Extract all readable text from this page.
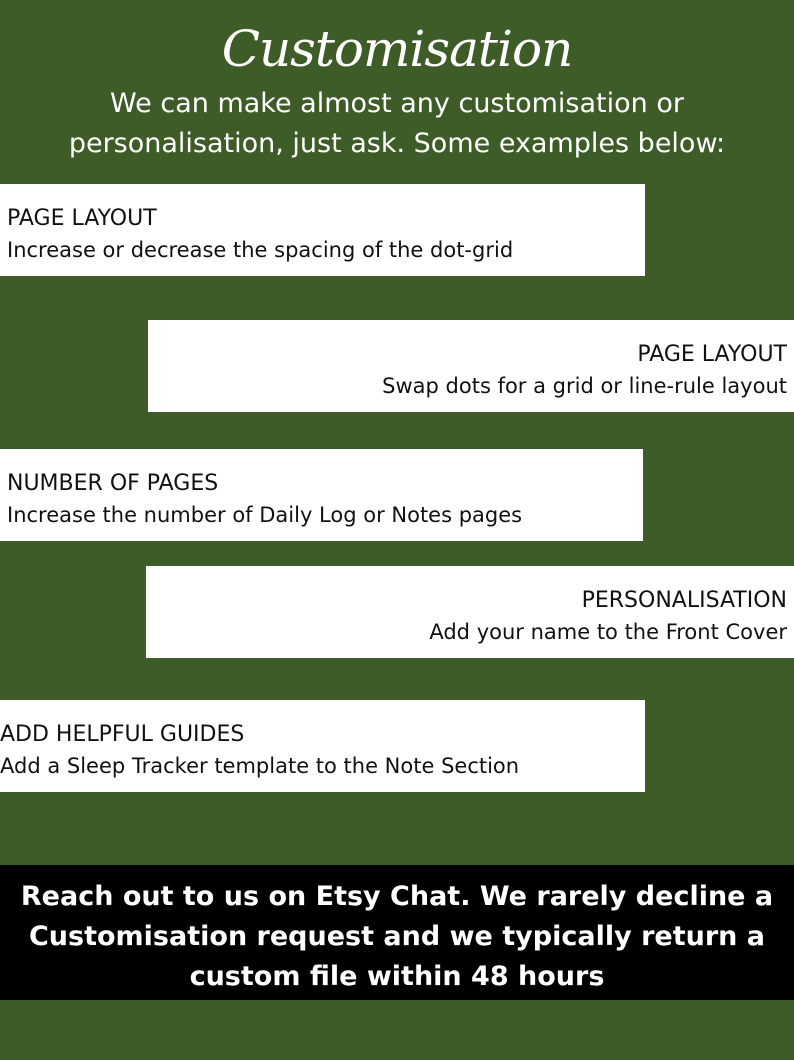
Customisation
We can make almost any customisation or
personalisation, just ask. Some examples below:
PAGE LAYOUT
Increase or decrease the spacing of the dot-grid
PAGE LAYOUT
Swap dots for a grid or line-rule layout
NUMBER OF PAGES
Increase the number of Daily Log or Notes pages
PERSONALISATION
Add your name to the Front Cover
ADD HELPFUL GUIDES
Add a Sleep Tracker template to the Note Section
Reach out to us on Etsy Chat. We rarely decline a
Customisation request and we typically return a
custom file within 48 hours
